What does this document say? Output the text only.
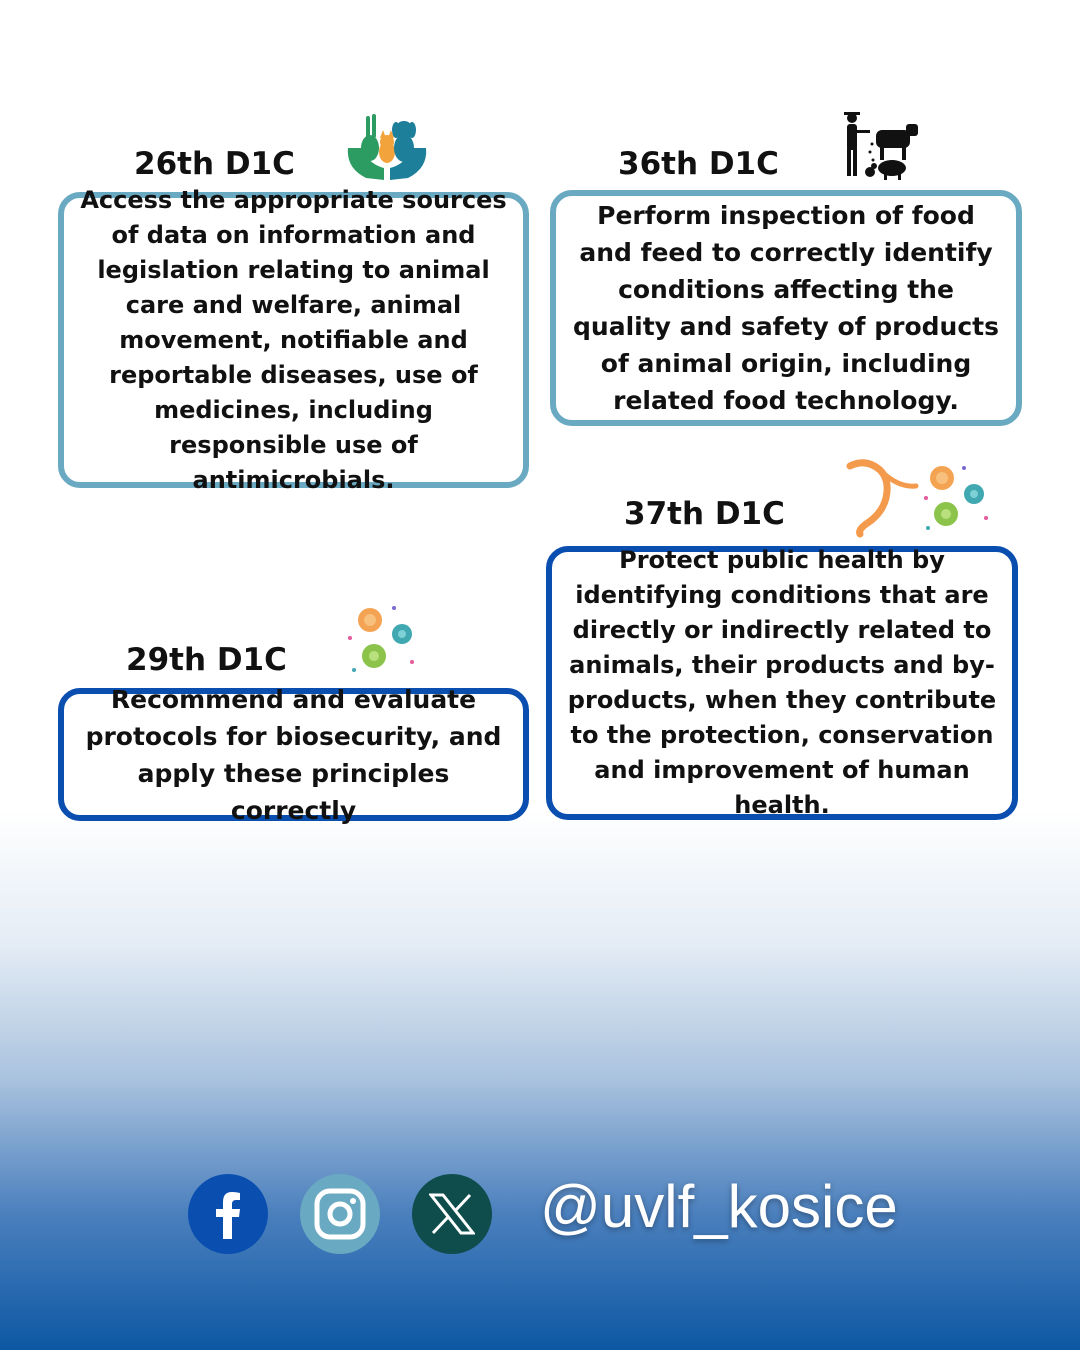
26th D1C
Access the appropriate sources of data on information and legislation relating to animal care and welfare, animal movement, notifiable and reportable diseases, use of medicines, including responsible use of antimicrobials.
36th D1C
Perform inspection of food and feed to correctly identify conditions affecting the quality and safety of products of animal origin, including related food technology.
37th D1C
Protect public health by identifying conditions that are directly or indirectly related to animals, their products and by-products, when they contribute to the protection, conservation and improvement of human health.
29th D1C
Recommend and evaluate protocols for biosecurity, and apply these principles correctly
@uvlf_kosice
